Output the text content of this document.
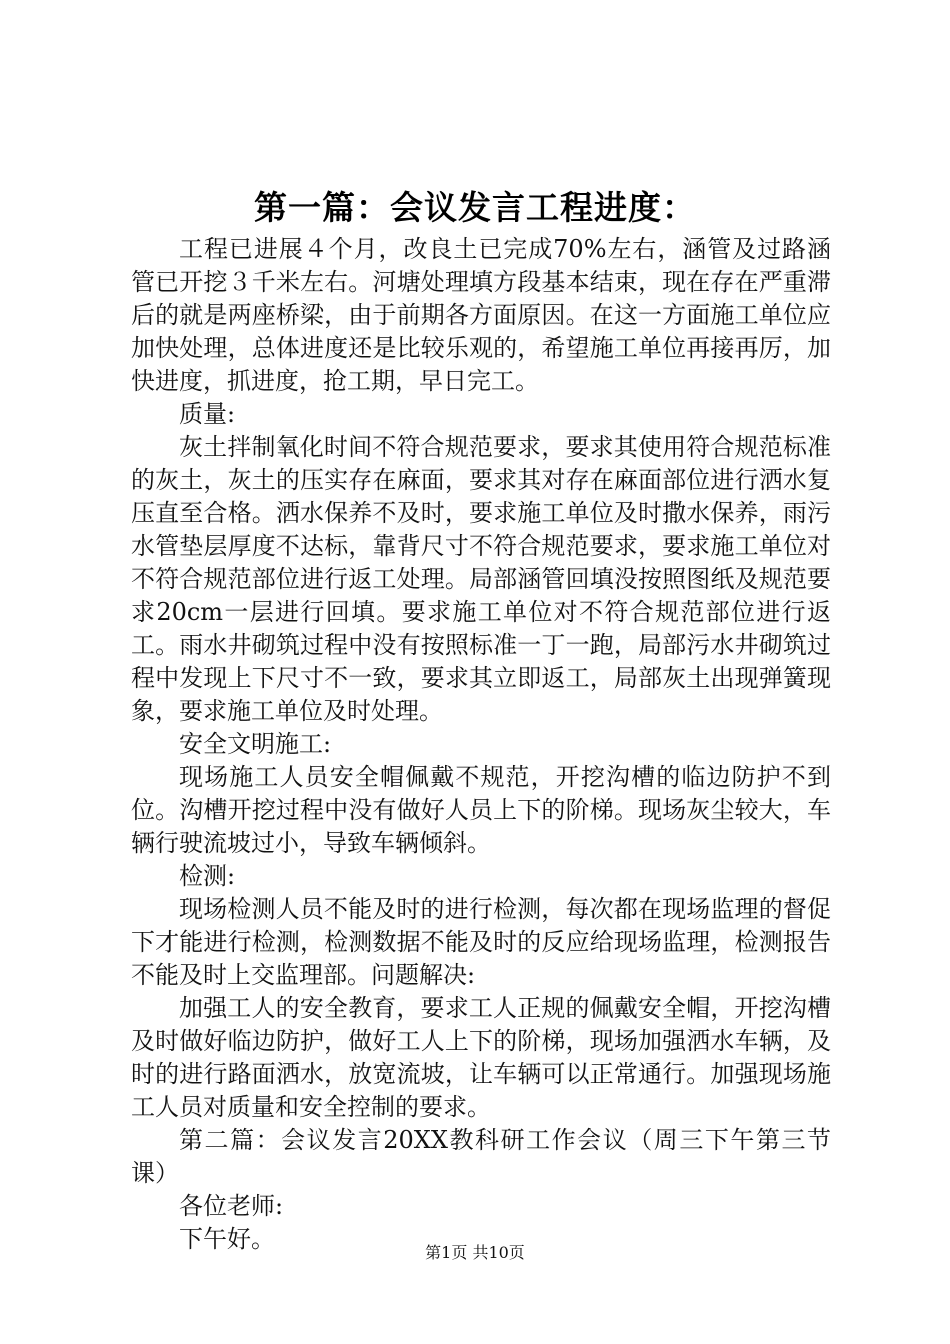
第一篇：会议发言工程进度：

工程已进展４个月，改良土已完成70%左右，涵管及过路涵管已开挖３千米左右。河塘处理填方段基本结束，现在存在严重滞后的就是两座桥梁，由于前期各方面原因。在这一方面施工单位应加快处理，总体进度还是比较乐观的，希望施工单位再接再厉，加快进度，抓进度，抢工期，早日完工。

质量:

灰土拌制氧化时间不符合规范要求，要求其使用符合规范标准的灰土，灰土的压实存在麻面，要求其对存在麻面部位进行洒水复压直至合格。洒水保养不及时，要求施工单位及时撒水保养，雨污水管垫层厚度不达标，靠背尺寸不符合规范要求，要求施工单位对不符合规范部位进行返工处理。局部涵管回填没按照图纸及规范要求20cm一层进行回填。要求施工单位对不符合规范部位进行返工。雨水井砌筑过程中没有按照标准一丁一跑，局部污水井砌筑过程中发现上下尺寸不一致，要求其立即返工，局部灰土出现弹簧现象，要求施工单位及时处理。

安全文明施工:

现场施工人员安全帽佩戴不规范，开挖沟槽的临边防护不到位。沟槽开挖过程中没有做好人员上下的阶梯。现场灰尘较大，车辆行驶流坡过小，导致车辆倾斜。

检测:

现场检测人员不能及时的进行检测，每次都在现场监理的督促下才能进行检测，检测数据不能及时的反应给现场监理，检测报告不能及时上交监理部。问题解决:

加强工人的安全教育，要求工人正规的佩戴安全帽，开挖沟槽及时做好临边防护，做好工人上下的阶梯，现场加强洒水车辆，及时的进行路面洒水，放宽流坡，让车辆可以正常通行。加强现场施工人员对质量和安全控制的要求。

第二篇：会议发言20XX教科研工作会议（周三下午第三节课）

各位老师:

下午好。	第1页 共10页
